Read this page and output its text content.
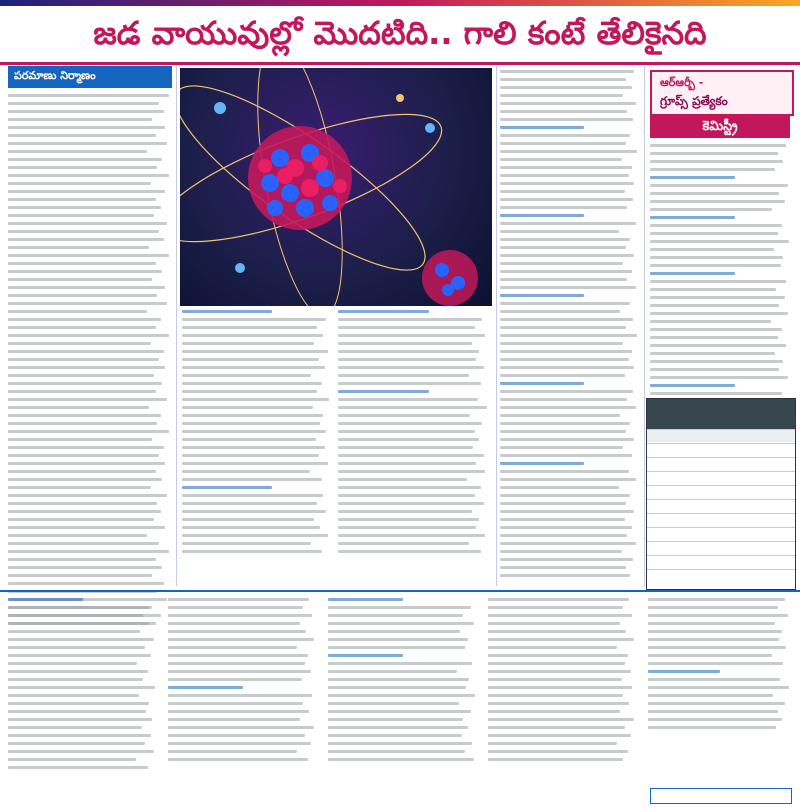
జడ వాయువుల్లో మొదటిది.. గాలి కంటే తేలికైనది
పరమాణు నిర్మాణం
ఆర్ఆర్బీ -
గ్రూప్స్ ప్రత్యేకం
కెమిస్ట్రీ
